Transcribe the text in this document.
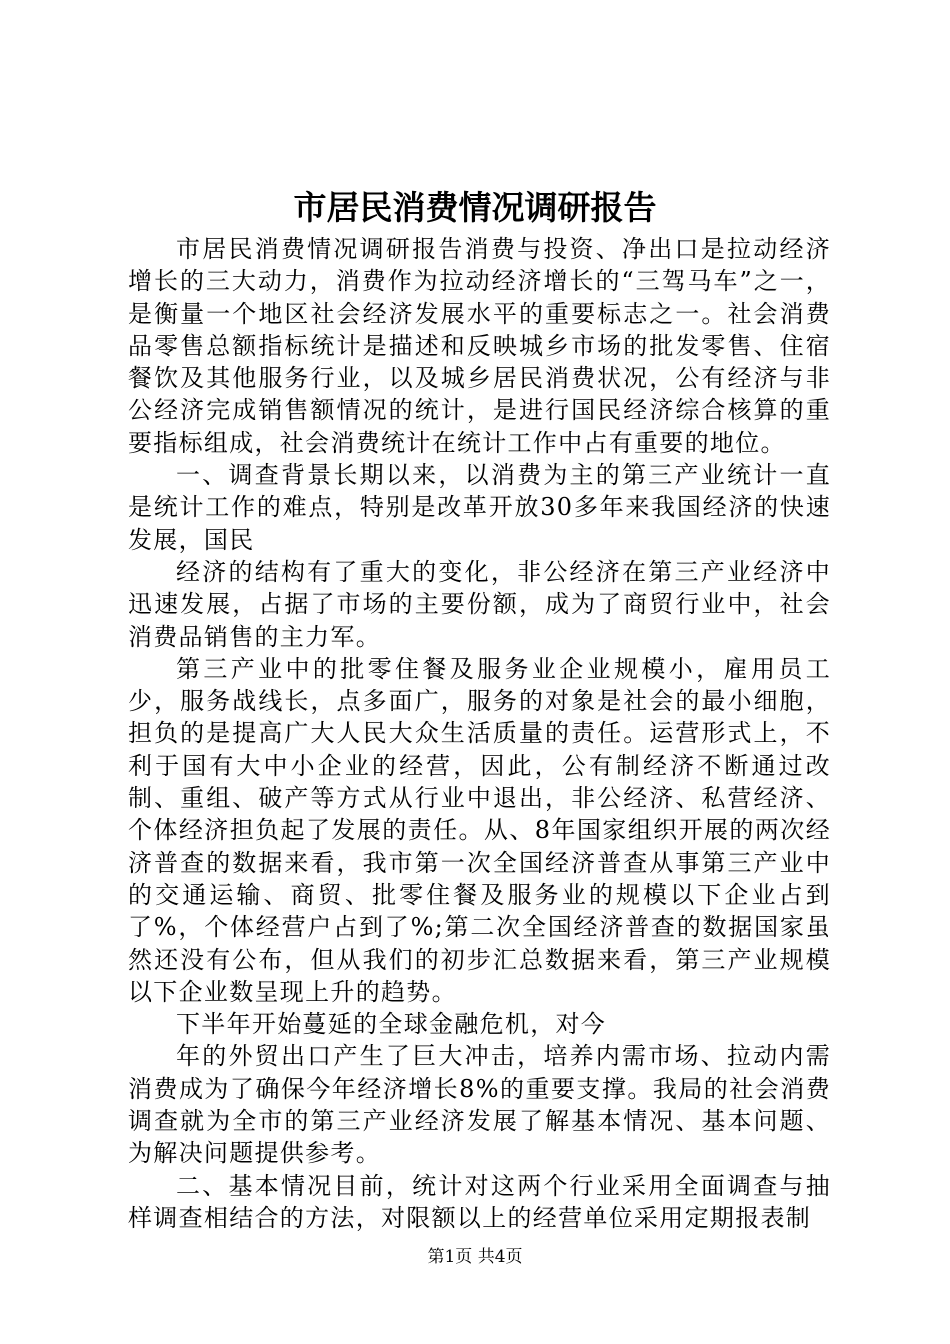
市居民消费情况调研报告

市居民消费情况调研报告消费与投资、净出口是拉动经济增长的三大动力，消费作为拉动经济增长的“三驾马车”之一，是衡量一个地区社会经济发展水平的重要标志之一。社会消费品零售总额指标统计是描述和反映城乡市场的批发零售、住宿餐饮及其他服务行业，以及城乡居民消费状况，公有经济与非公经济完成销售额情况的统计，是进行国民经济综合核算的重要指标组成，社会消费统计在统计工作中占有重要的地位。

一、调查背景长期以来，以消费为主的第三产业统计一直是统计工作的难点，特别是改革开放30多年来我国经济的快速发展，国民

经济的结构有了重大的变化，非公经济在第三产业经济中迅速发展，占据了市场的主要份额，成为了商贸行业中，社会消费品销售的主力军。

第三产业中的批零住餐及服务业企业规模小，雇用员工少，服务战线长，点多面广，服务的对象是社会的最小细胞，担负的是提高广大人民大众生活质量的责任。运营形式上，不利于国有大中小企业的经营，因此，公有制经济不断通过改制、重组、破产等方式从行业中退出，非公经济、私营经济、个体经济担负起了发展的责任。从、8年国家组织开展的两次经济普查的数据来看，我市第一次全国经济普查从事第三产业中的交通运输、商贸、批零住餐及服务业的规模以下企业占到了%，个体经营户占到了%;第二次全国经济普查的数据国家虽然还没有公布，但从我们的初步汇总数据来看，第三产业规模以下企业数呈现上升的趋势。

下半年开始蔓延的全球金融危机，对今

年的外贸出口产生了巨大冲击，培养内需市场、拉动内需消费成为了确保今年经济增长8%的重要支撑。我局的社会消费调查就为全市的第三产业经济发展了解基本情况、基本问题、为解决问题提供参考。

二、基本情况目前，统计对这两个行业采用全面调查与抽样调查相结合的方法，对限额以上的经营单位采用定期报表制

第1页 共4页
